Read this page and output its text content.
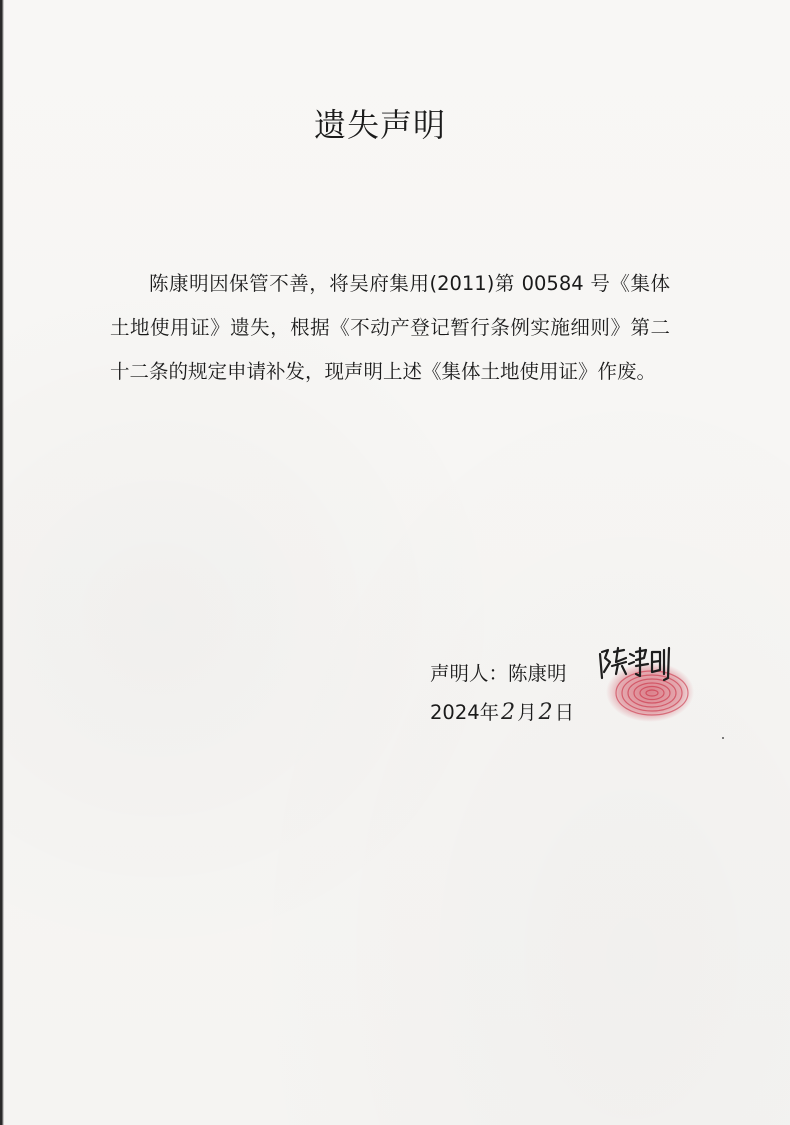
遗失声明

陈康明因保管不善，将吴府集用(2011)第 00584 号《集体土地使用证》遗失，根据《不动产登记暂行条例实施细则》第二十二条的规定申请补发，现声明上述《集体土地使用证》作废。

声明人：陈康明
2024年2 月2 日
